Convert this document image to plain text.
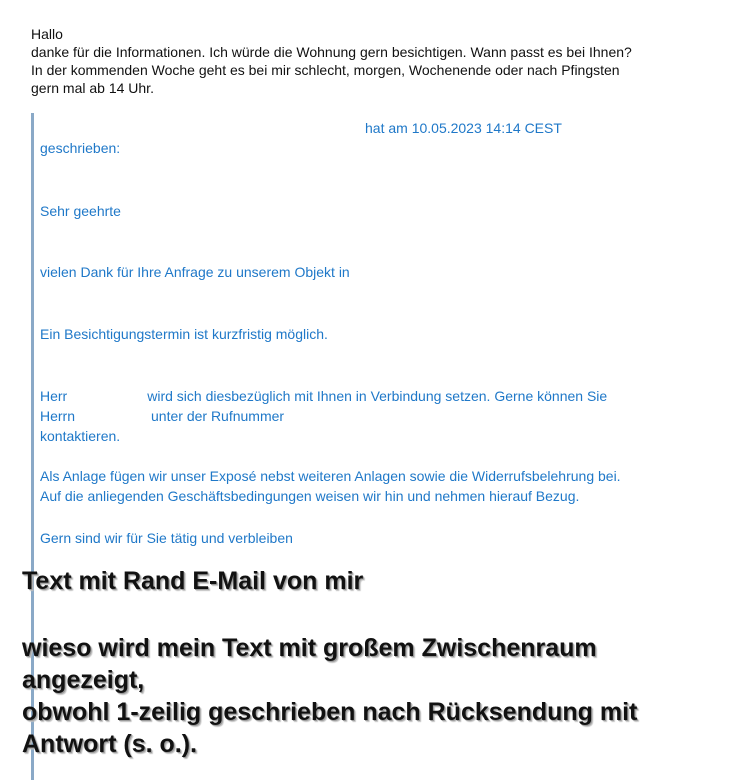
Hallo
danke für die Informationen. Ich würde die Wohnung gern besichtigen. Wann passt es bei Ihnen?
In der kommenden Woche geht es bei mir schlecht, morgen, Wochenende oder nach Pfingsten
gern mal ab 14 Uhr.
hat am 10.05.2023 14:14 CEST
geschrieben:
Sehr geehrte
vielen Dank für Ihre Anfrage zu unserem Objekt in
Ein Besichtigungstermin ist kurzfristig möglich.
Herr	wird sich diesbezüglich mit Ihnen in Verbindung setzen. Gerne können Sie
Herrn	unter der Rufnummer
kontaktieren.
Als Anlage fügen wir unser Exposé nebst weiteren Anlagen sowie die Widerrufsbelehrung bei.
Auf die anliegenden Geschäftsbedingungen weisen wir hin und nehmen hierauf Bezug.
Gern sind wir für Sie tätig und verbleiben
Text mit Rand E-Mail von mir
wieso wird mein Text mit großem Zwischenraum
angezeigt,
obwohl 1-zeilig geschrieben nach Rücksendung mit
Antwort (s. o.).
